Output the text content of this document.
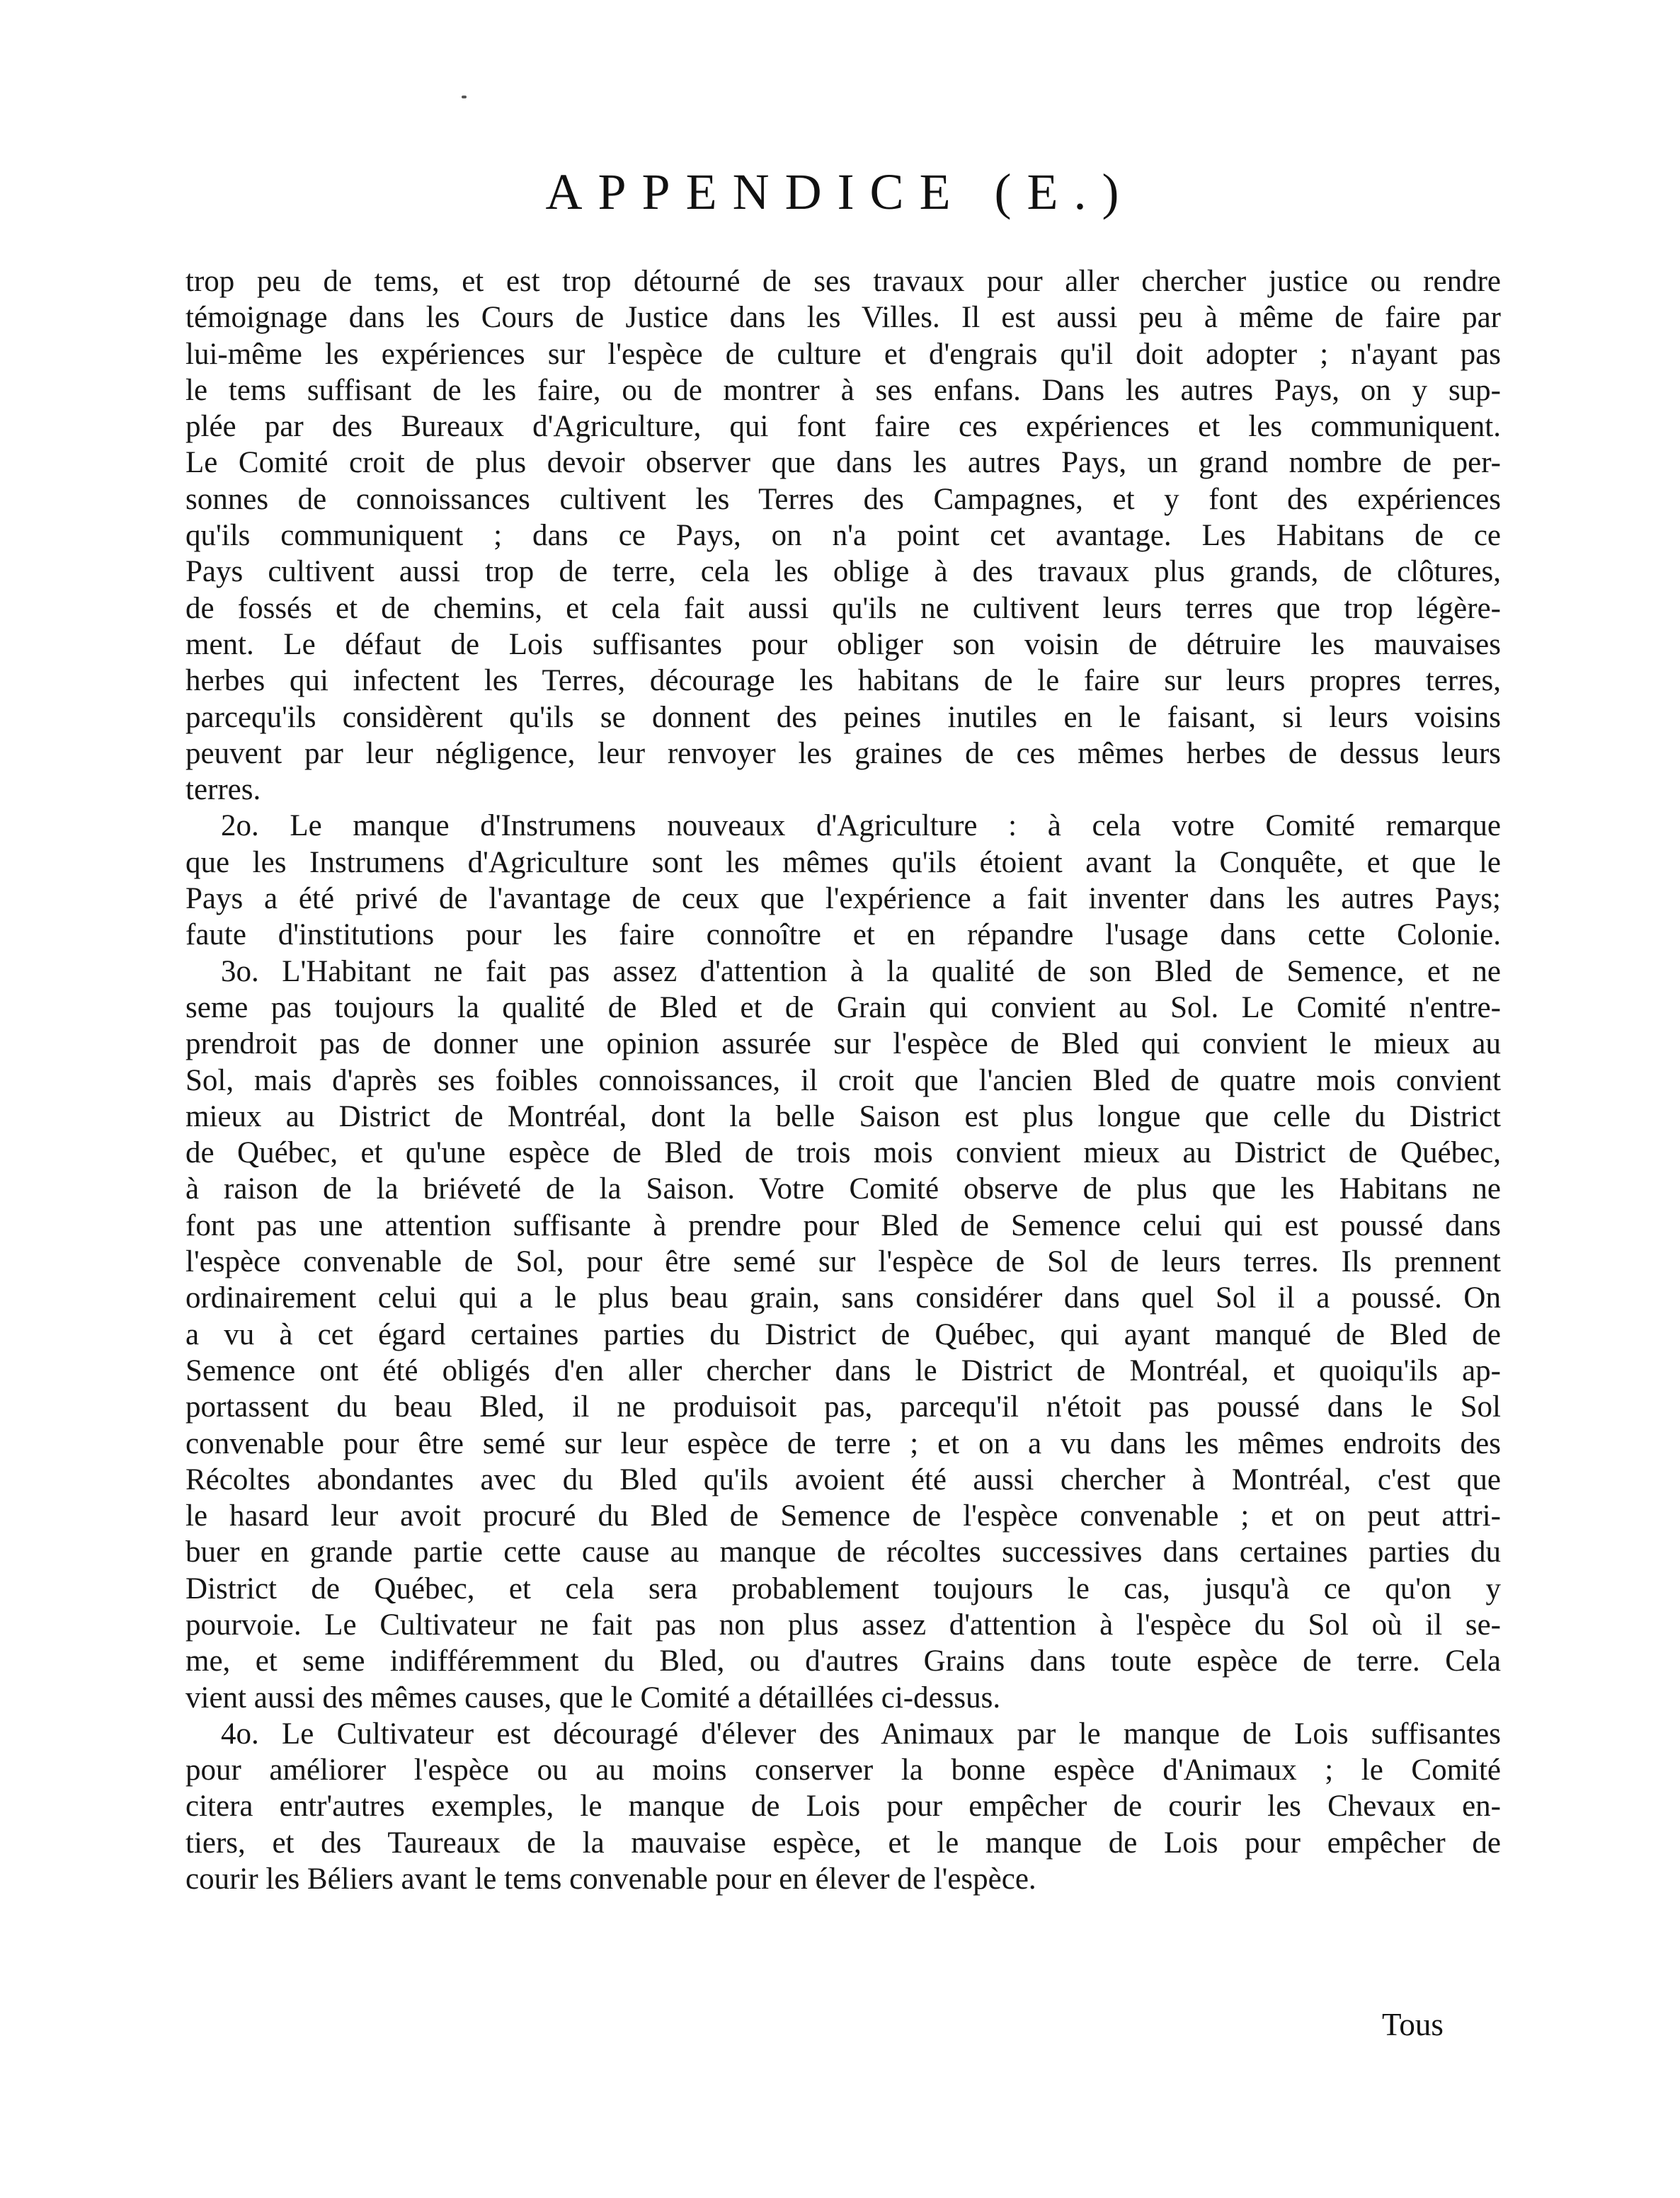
APPENDICE (E.)
trop peu de tems, et est trop détourné de ses travaux pour aller chercher justice ou rendre
témoignage dans les Cours de Justice dans les Villes. Il est aussi peu à même de faire par
lui-même les expériences sur l'espèce de culture et d'engrais qu'il doit adopter ; n'ayant pas
le tems suffisant de les faire, ou de montrer à ses enfans. Dans les autres Pays, on y sup-
plée par des Bureaux d'Agriculture, qui font faire ces expériences et les communiquent.
Le Comité croit de plus devoir observer que dans les autres Pays, un grand nombre de per-
sonnes de connoissances cultivent les Terres des Campagnes, et y font des expériences
qu'ils communiquent ; dans ce Pays, on n'a point cet avantage. Les Habitans de ce
Pays cultivent aussi trop de terre, cela les oblige à des travaux plus grands, de clôtures,
de fossés et de chemins, et cela fait aussi qu'ils ne cultivent leurs terres que trop légère-
ment. Le défaut de Lois suffisantes pour obliger son voisin de détruire les mauvaises
herbes qui infectent les Terres, décourage les habitans de le faire sur leurs propres terres,
parcequ'ils considèrent qu'ils se donnent des peines inutiles en le faisant, si leurs voisins
peuvent par leur négligence, leur renvoyer les graines de ces mêmes herbes de dessus leurs
terres.
2o. Le manque d'Instrumens nouveaux d'Agriculture : à cela votre Comité remarque
que les Instrumens d'Agriculture sont les mêmes qu'ils étoient avant la Conquête, et que le
Pays a été privé de l'avantage de ceux que l'expérience a fait inventer dans les autres Pays;
faute d'institutions pour les faire connoître et en répandre l'usage dans cette Colonie.
3o. L'Habitant ne fait pas assez d'attention à la qualité de son Bled de Semence, et ne
seme pas toujours la qualité de Bled et de Grain qui convient au Sol. Le Comité n'entre-
prendroit pas de donner une opinion assurée sur l'espèce de Bled qui convient le mieux au
Sol, mais d'après ses foibles connoissances, il croit que l'ancien Bled de quatre mois convient
mieux au District de Montréal, dont la belle Saison est plus longue que celle du District
de Québec, et qu'une espèce de Bled de trois mois convient mieux au District de Québec,
à raison de la briéveté de la Saison. Votre Comité observe de plus que les Habitans ne
font pas une attention suffisante à prendre pour Bled de Semence celui qui est poussé dans
l'espèce convenable de Sol, pour être semé sur l'espèce de Sol de leurs terres. Ils prennent
ordinairement celui qui a le plus beau grain, sans considérer dans quel Sol il a poussé. On
a vu à cet égard certaines parties du District de Québec, qui ayant manqué de Bled de
Semence ont été obligés d'en aller chercher dans le District de Montréal, et quoiqu'ils ap-
portassent du beau Bled, il ne produisoit pas, parcequ'il n'étoit pas poussé dans le Sol
convenable pour être semé sur leur espèce de terre ; et on a vu dans les mêmes endroits des
Récoltes abondantes avec du Bled qu'ils avoient été aussi chercher à Montréal, c'est que
le hasard leur avoit procuré du Bled de Semence de l'espèce convenable ; et on peut attri-
buer en grande partie cette cause au manque de récoltes successives dans certaines parties du
District de Québec, et cela sera probablement toujours le cas, jusqu'à ce qu'on y
pourvoie. Le Cultivateur ne fait pas non plus assez d'attention à l'espèce du Sol où il se-
me, et seme indifféremment du Bled, ou d'autres Grains dans toute espèce de terre. Cela
vient aussi des mêmes causes, que le Comité a détaillées ci-dessus.
4o. Le Cultivateur est découragé d'élever des Animaux par le manque de Lois suffisantes
pour améliorer l'espèce ou au moins conserver la bonne espèce d'Animaux ; le Comité
citera entr'autres exemples, le manque de Lois pour empêcher de courir les Chevaux en-
tiers, et des Taureaux de la mauvaise espèce, et le manque de Lois pour empêcher de
courir les Béliers avant le tems convenable pour en élever de l'espèce.
Tous
